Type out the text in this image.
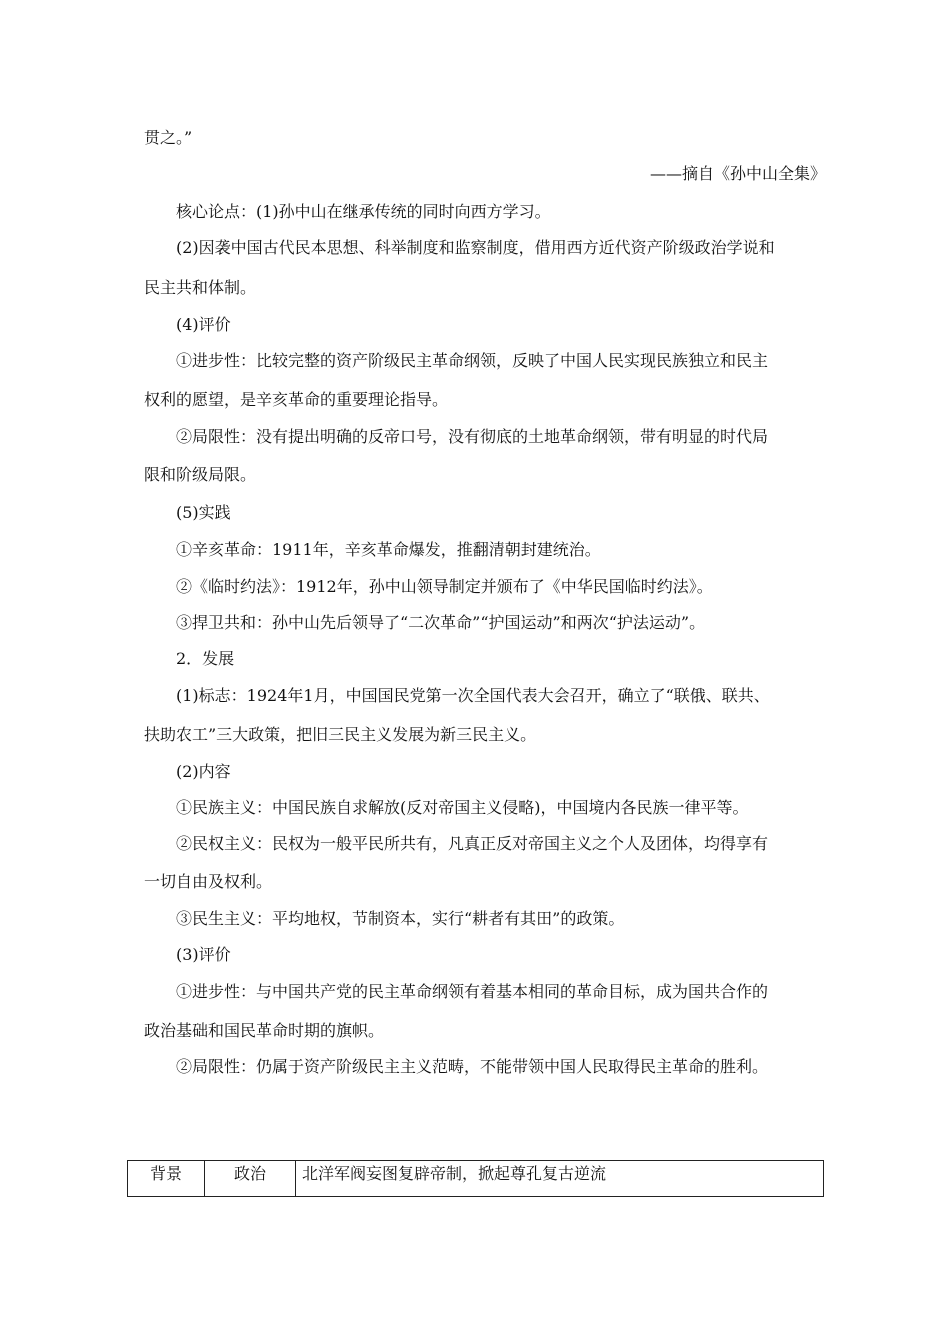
贯之。”
——摘自《孙中山全集》
核心论点：(1)孙中山在继承传统的同时向西方学习。
(2)因袭中国古代民本思想、科举制度和监察制度，借用西方近代资产阶级政治学说和
民主共和体制。
(4)评价
①进步性：比较完整的资产阶级民主革命纲领，反映了中国人民实现民族独立和民主
权利的愿望，是辛亥革命的重要理论指导。
②局限性：没有提出明确的反帝口号，没有彻底的土地革命纲领，带有明显的时代局
限和阶级局限。
(5)实践
①辛亥革命：1911年，辛亥革命爆发，推翻清朝封建统治。
②《临时约法》：1912年，孙中山领导制定并颁布了《中华民国临时约法》。
③捍卫共和：孙中山先后领导了“二次革命”“护国运动”和两次“护法运动”。
2．发展
(1)标志：1924年1月，中国国民党第一次全国代表大会召开，确立了“联俄、联共、
扶助农工”三大政策，把旧三民主义发展为新三民主义。
(2)内容
①民族主义：中国民族自求解放(反对帝国主义侵略)，中国境内各民族一律平等。
②民权主义：民权为一般平民所共有，凡真正反对帝国主义之个人及团体，均得享有
一切自由及权利。
③民生主义：平均地权，节制资本，实行“耕者有其田”的政策。
(3)评价
①进步性：与中国共产党的民主革命纲领有着基本相同的革命目标，成为国共合作的
政治基础和国民革命时期的旗帜。
②局限性：仍属于资产阶级民主主义范畴，不能带领中国人民取得民主革命的胜利。
背景	政治	北洋军阀妄图复辟帝制，掀起尊孔复古逆流
